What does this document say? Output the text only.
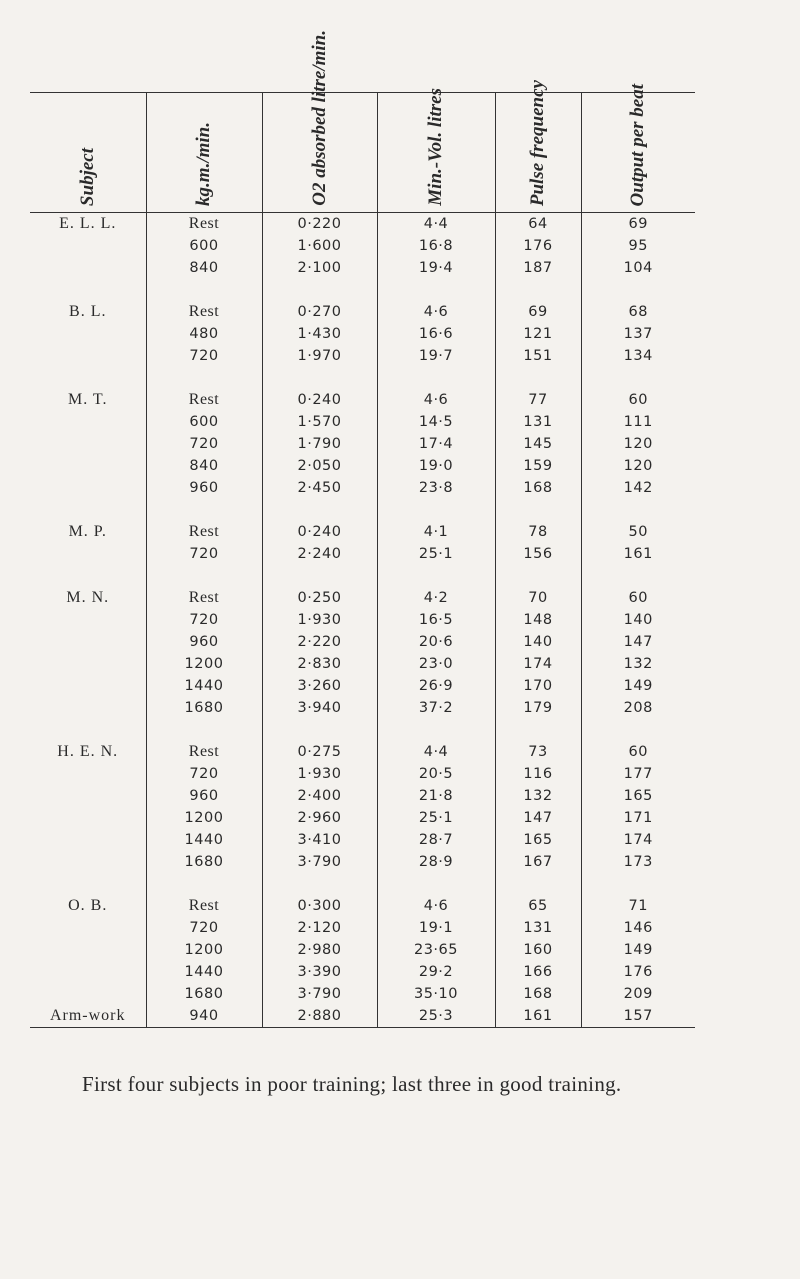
Subject	kg.m./min.	O2 absorbed litre/min.	Min.-Vol. litres	Pulse frequency	Output per beat

E. L. L.	Rest	0·220	4·4	64	69
	600	1·600	16·8	176	95
	840	2·100	19·4	187	104

B. L.	Rest	0·270	4·6	69	68
	480	1·430	16·6	121	137
	720	1·970	19·7	151	134

M. T.	Rest	0·240	4·6	77	60
	600	1·570	14·5	131	111
	720	1·790	17·4	145	120
	840	2·050	19·0	159	120
	960	2·450	23·8	168	142

M. P.	Rest	0·240	4·1	78	50
	720	2·240	25·1	156	161

M. N.	Rest	0·250	4·2	70	60
	720	1·930	16·5	148	140
	960	2·220	20·6	140	147
	1200	2·830	23·0	174	132
	1440	3·260	26·9	170	149
	1680	3·940	37·2	179	208

H. E. N.	Rest	0·275	4·4	73	60
	720	1·930	20·5	116	177
	960	2·400	21·8	132	165
	1200	2·960	25·1	147	171
	1440	3·410	28·7	165	174
	1680	3·790	28·9	167	173

O. B.	Rest	0·300	4·6	65	71
	720	2·120	19·1	131	146
	1200	2·980	23·65	160	149
	1440	3·390	29·2	166	176
	1680	3·790	35·10	168	209
Arm-work	940	2·880	25·3	161	157
First four subjects in poor training; last three in good training.
